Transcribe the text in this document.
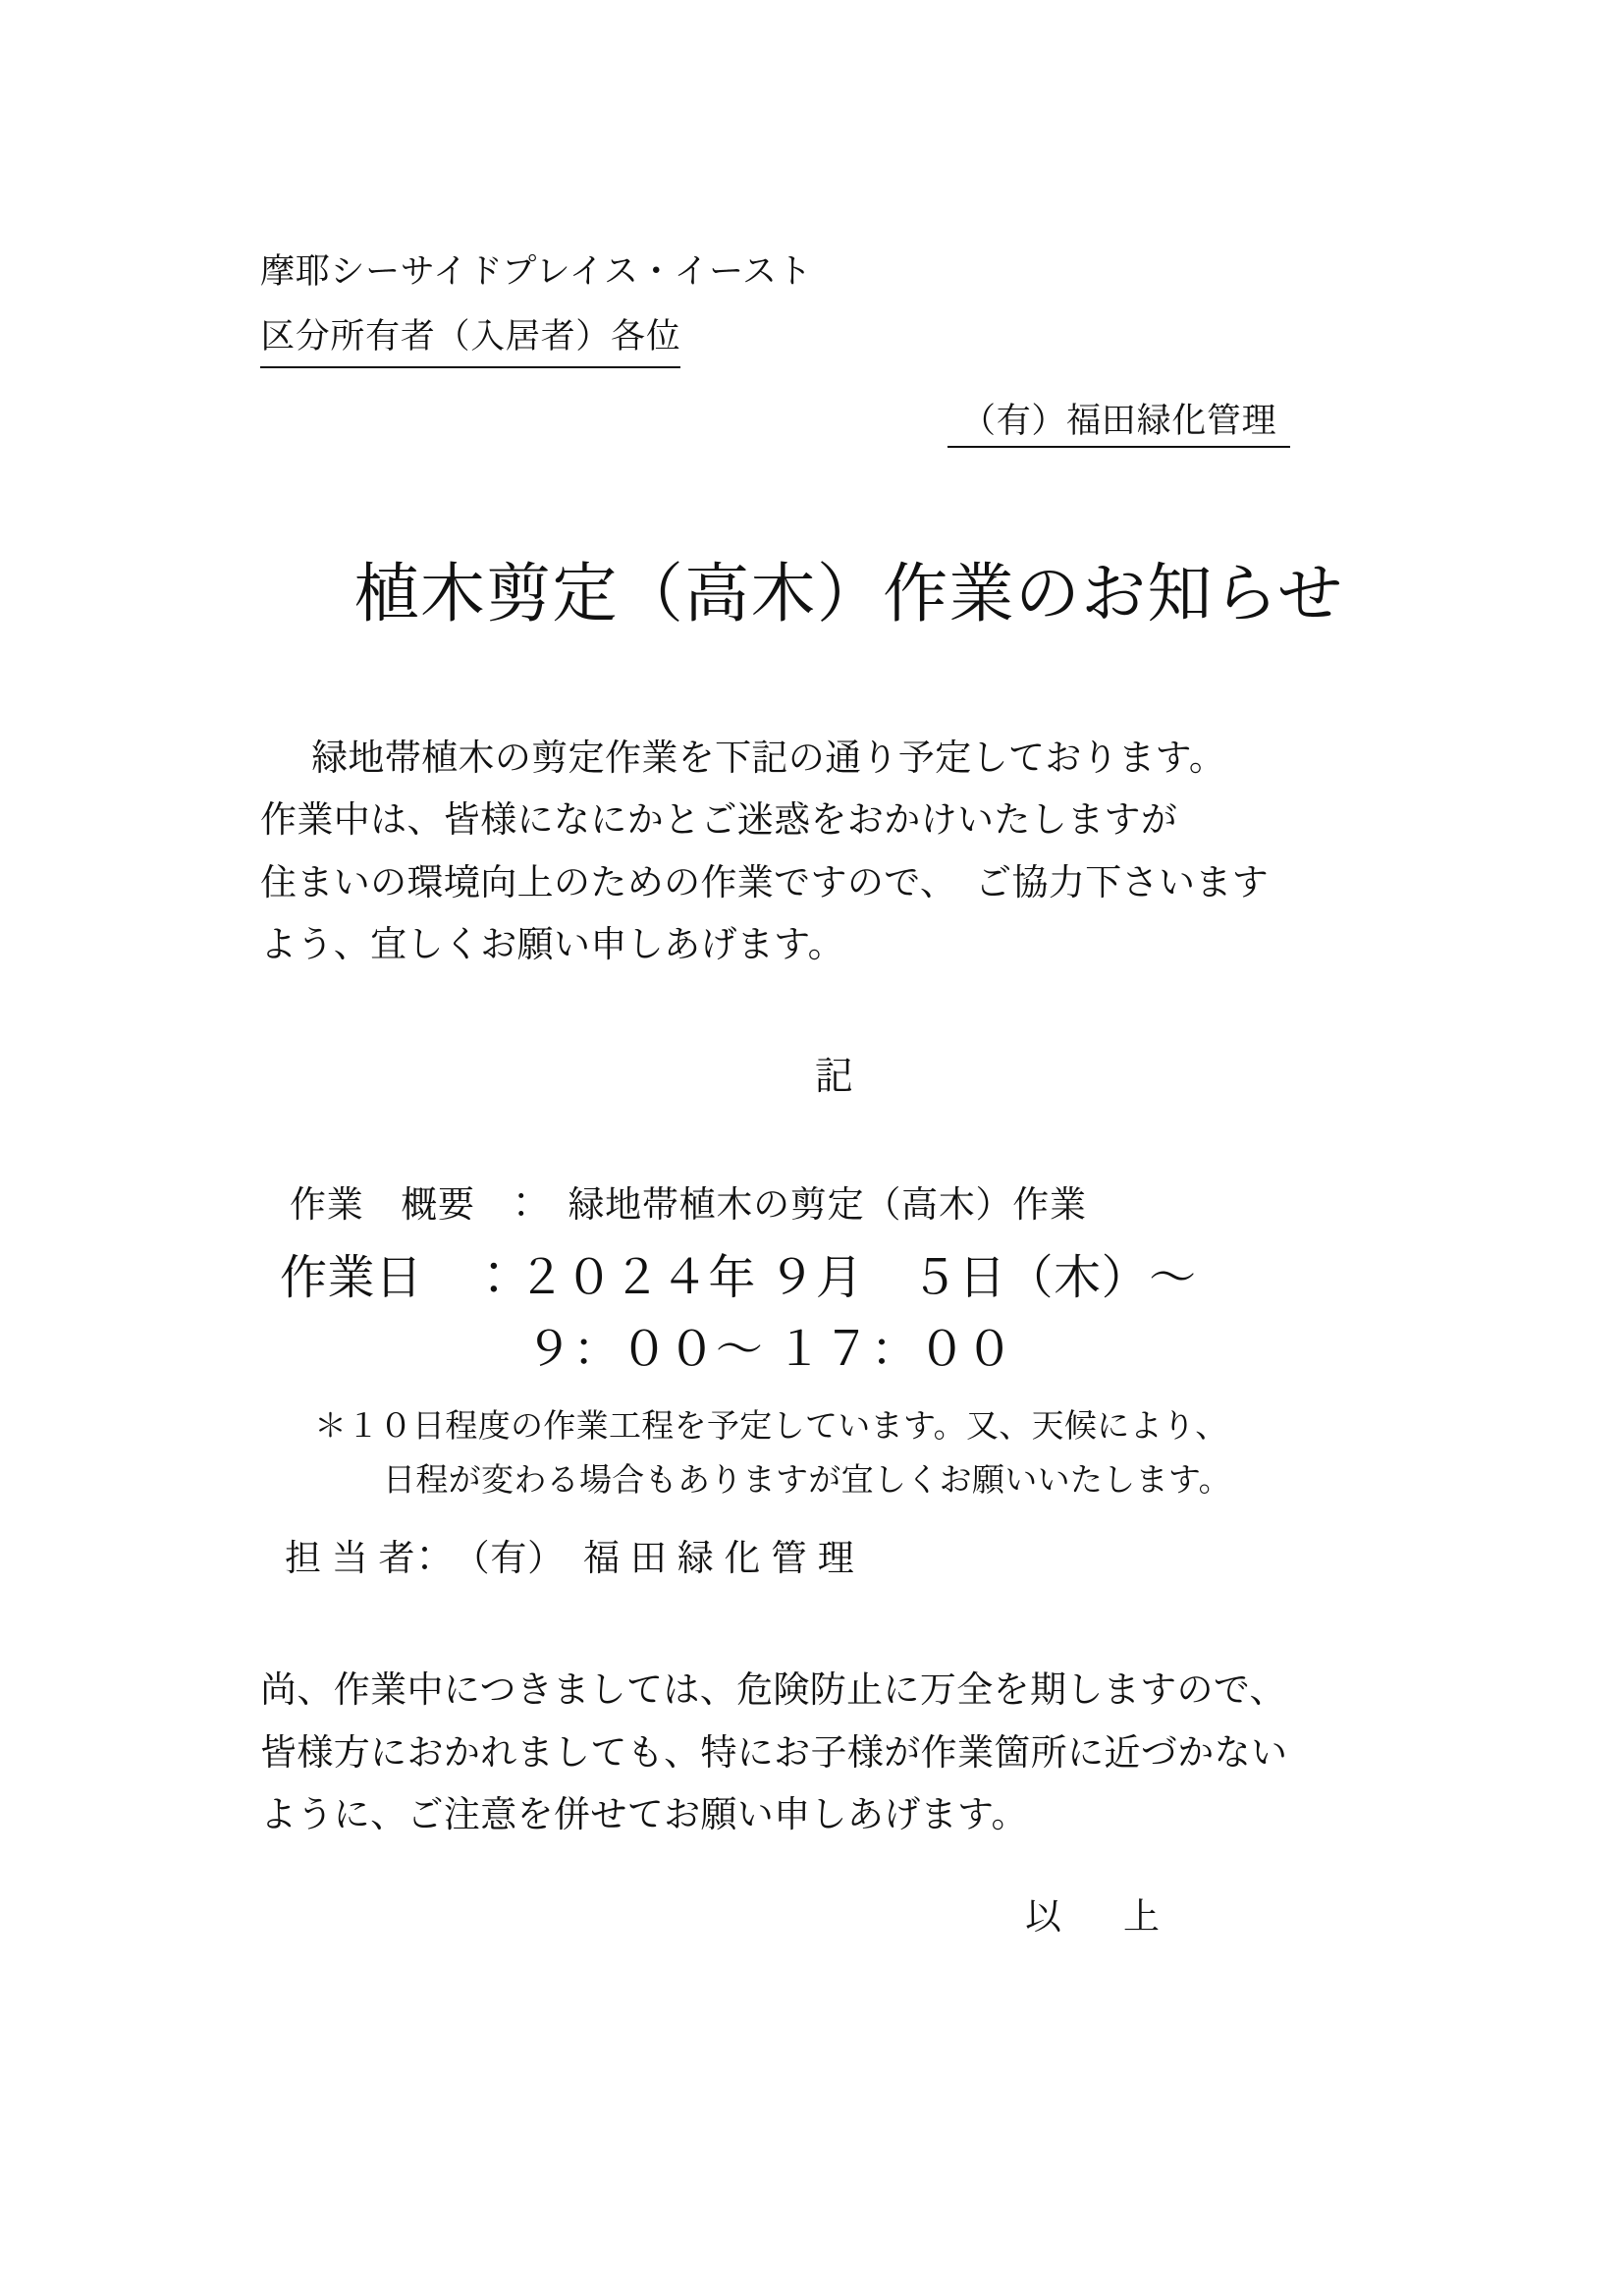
摩耶シーサイドプレイス・イースト
区分所有者（入居者）各位
（有）福田緑化管理
植木剪定（高木）作業のお知らせ
緑地帯植木の剪定作業を下記の通り予定しております。
作業中は、皆様になにかとご迷惑をおかけいたしますが
住まいの環境向上のための作業ですので、　ご協力下さいます
よう、宜しくお願い申しあげます。
記
作業　概要　：　緑地帯植木の剪定（高木）作業
作業日　：２０２４年 ９月　５日（木）〜
９：００〜 １７：００
＊１０日程度の作業工程を予定しています。又、天候により、
日程が変わる場合もありますが宜しくお願いいたします。
担 当 者：　（有）　福 田 緑 化 管 理
尚、作業中につきましては、危険防止に万全を期しますので、
皆様方におかれましても、特にお子様が作業箇所に近づかない
ように、ご注意を併せてお願い申しあげます。
以　上
